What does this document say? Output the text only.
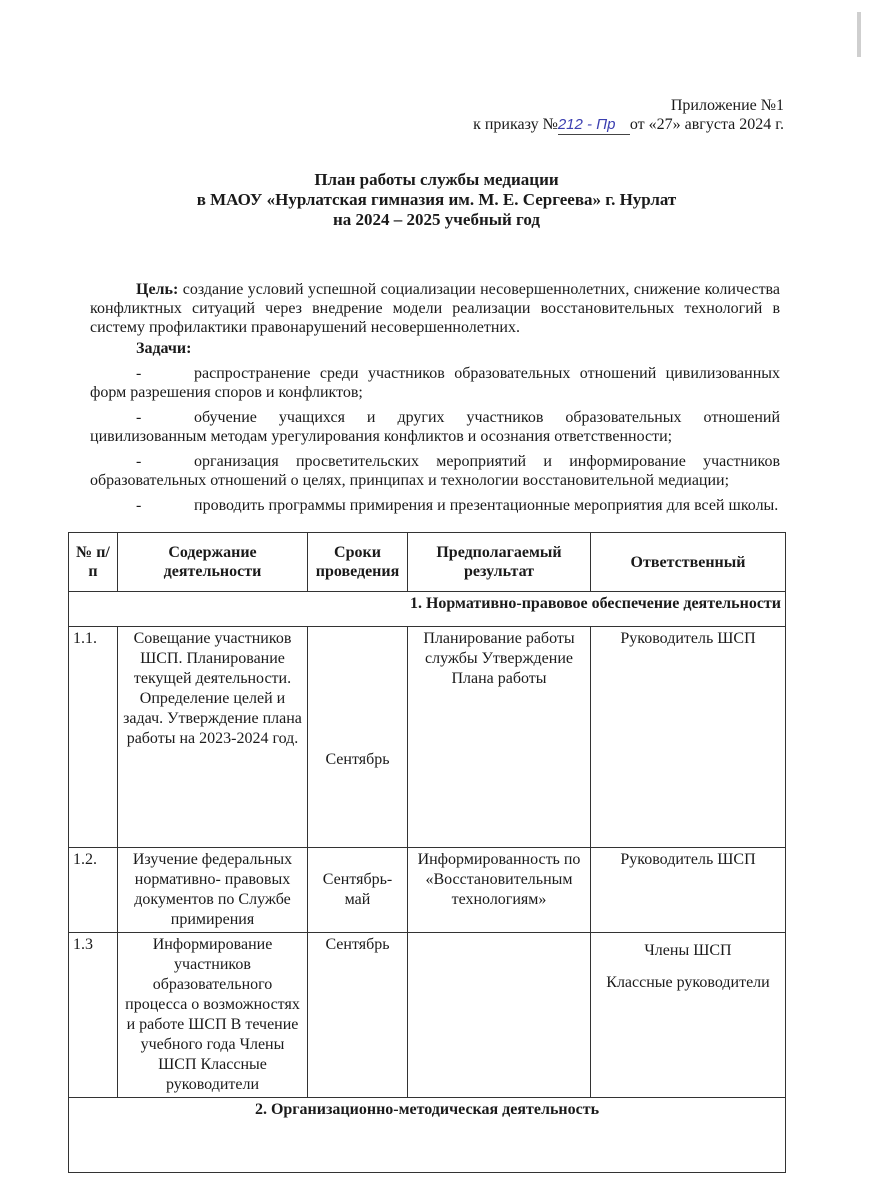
Приложение №1
к приказу №212 - Пр от «27» августа 2024 г.
План работы службы медиации
в МАОУ «Нурлатская гимназия им. М. Е. Сергеева» г. Нурлат
на 2024 – 2025 учебный год

Цель: создание условий успешной социализации несовершеннолетних, снижение количества конфликтных ситуаций через внедрение модели реализации восстановительных технологий в систему профилактики правонарушений несовершеннолетних.

Задачи:

-	распространение среди участников образовательных отношений цивилизованных форм разрешения споров и конфликтов;

-	обучение учащихся и других участников образовательных отношений цивилизованным методам урегулирования конфликтов и осознания ответственности;

-	организация просветительских мероприятий и информирование участников образовательных отношений о целях, принципах и технологии восстановительной медиации;

-	проводить программы примирения и презентационные мероприятия для всей школы.

№ п/п	Содержание деятельности	Сроки проведения	Предполагаемый результат	Ответственный
1. Нормативно-правовое обеспечение деятельности				
1.1.	Совещание участников ШСП. Планирование текущей деятельности. Определение целей и задач. Утверждение плана работы на 2023-2024 год.	Сентябрь	Планирование работы службы Утверждение Плана работы	Руководитель ШСП
1.2.	Изучение федеральных нормативно- правовых документов по Службе примирения	Сентябрь-май	Информированность по «Восстановительным технологиям»	Руководитель ШСП
1.3	Информирование участников образовательного процесса о возможностях и работе ШСП В течение учебного года Члены ШСП Классные руководители	Сентябрь		Члены ШСП
Классные руководители
2. Организационно-методическая деятельность				
